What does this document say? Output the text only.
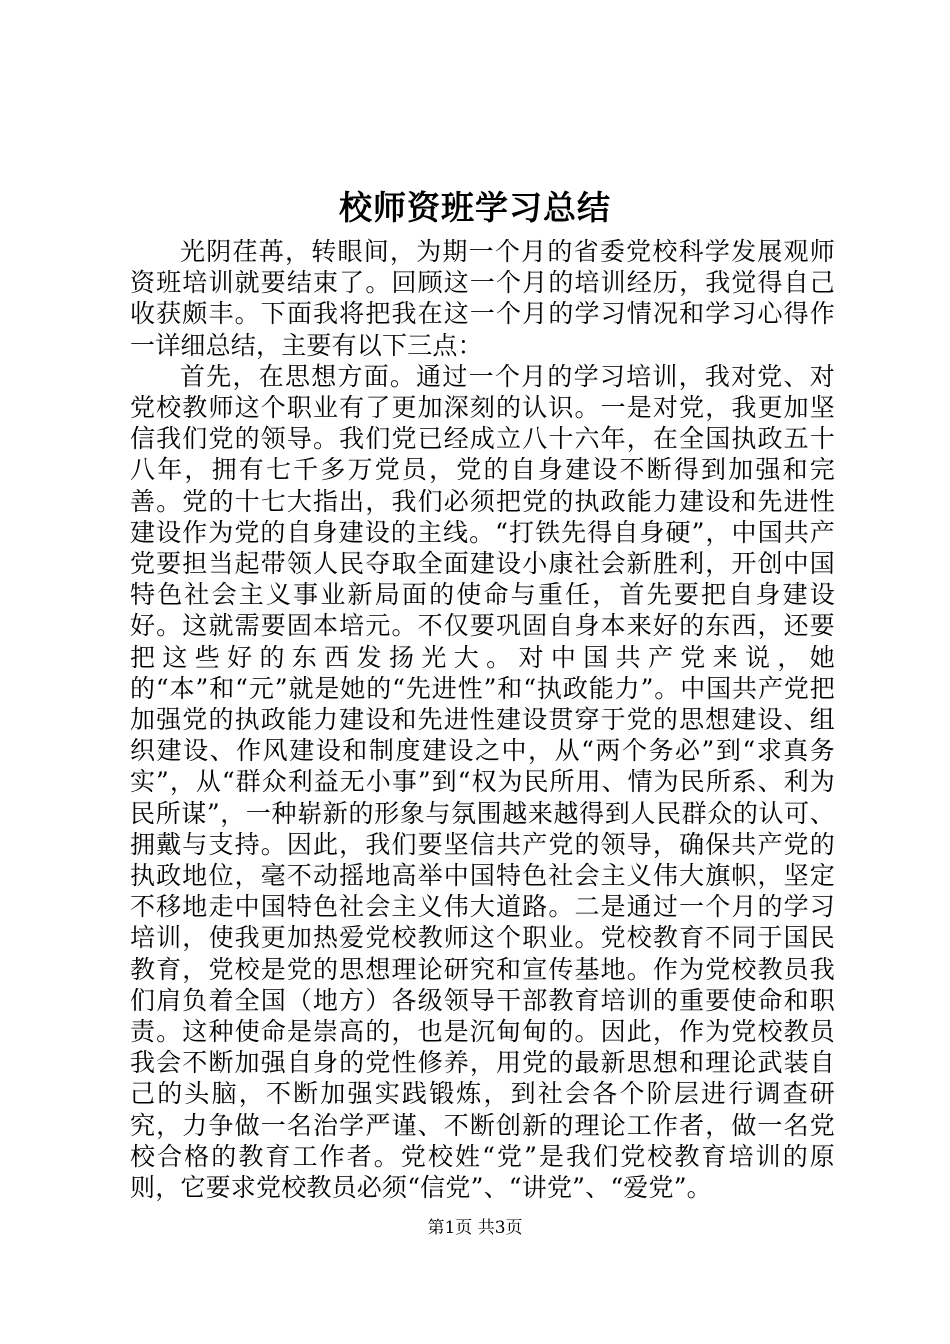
校师资班学习总结

光阴荏苒，转眼间，为期一个月的省委党校科学发展观师资班培训就要结束了。回顾这一个月的培训经历，我觉得自己收获颇丰。下面我将把我在这一个月的学习情况和学习心得作一详细总结，主要有以下三点：

首先，在思想方面。通过一个月的学习培训，我对党、对党校教师这个职业有了更加深刻的认识。一是对党，我更加坚信我们党的领导。我们党已经成立八十六年，在全国执政五十八年，拥有七千多万党员，党的自身建设不断得到加强和完善。党的十七大指出，我们必须把党的执政能力建设和先进性建设作为党的自身建设的主线。“打铁先得自身硬”，中国共产党要担当起带领人民夺取全面建设小康社会新胜利，开创中国特色社会主义事业新局面的使命与重任，首先要把自身建设好。这就需要固本培元。不仅要巩固自身本来好的东西，还要把这些好的东西发扬光大。对中国共产党来说，她的“本”和“元”就是她的“先进性”和“执政能力”。中国共产党把加强党的执政能力建设和先进性建设贯穿于党的思想建设、组织建设、作风建设和制度建设之中，从“两个务必”到“求真务实”，从“群众利益无小事”到“权为民所用、情为民所系、利为民所谋”，一种崭新的形象与氛围越来越得到人民群众的认可、拥戴与支持。因此，我们要坚信共产党的领导，确保共产党的执政地位，毫不动摇地高举中国特色社会主义伟大旗帜，坚定不移地走中国特色社会主义伟大道路。二是通过一个月的学习培训，使我更加热爱党校教师这个职业。党校教育不同于国民教育，党校是党的思想理论研究和宣传基地。作为党校教员我们肩负着全国（地方）各级领导干部教育培训的重要使命和职责。这种使命是崇高的，也是沉甸甸的。因此，作为党校教员我会不断加强自身的党性修养，用党的最新思想和理论武装自己的头脑，不断加强实践锻炼，到社会各个阶层进行调查研究，力争做一名治学严谨、不断创新的理论工作者，做一名党校合格的教育工作者。党校姓“党”是我们党校教育培训的原则，它要求党校教员必须“信党”、“讲党”、“爱党”。

第1页 共3页
